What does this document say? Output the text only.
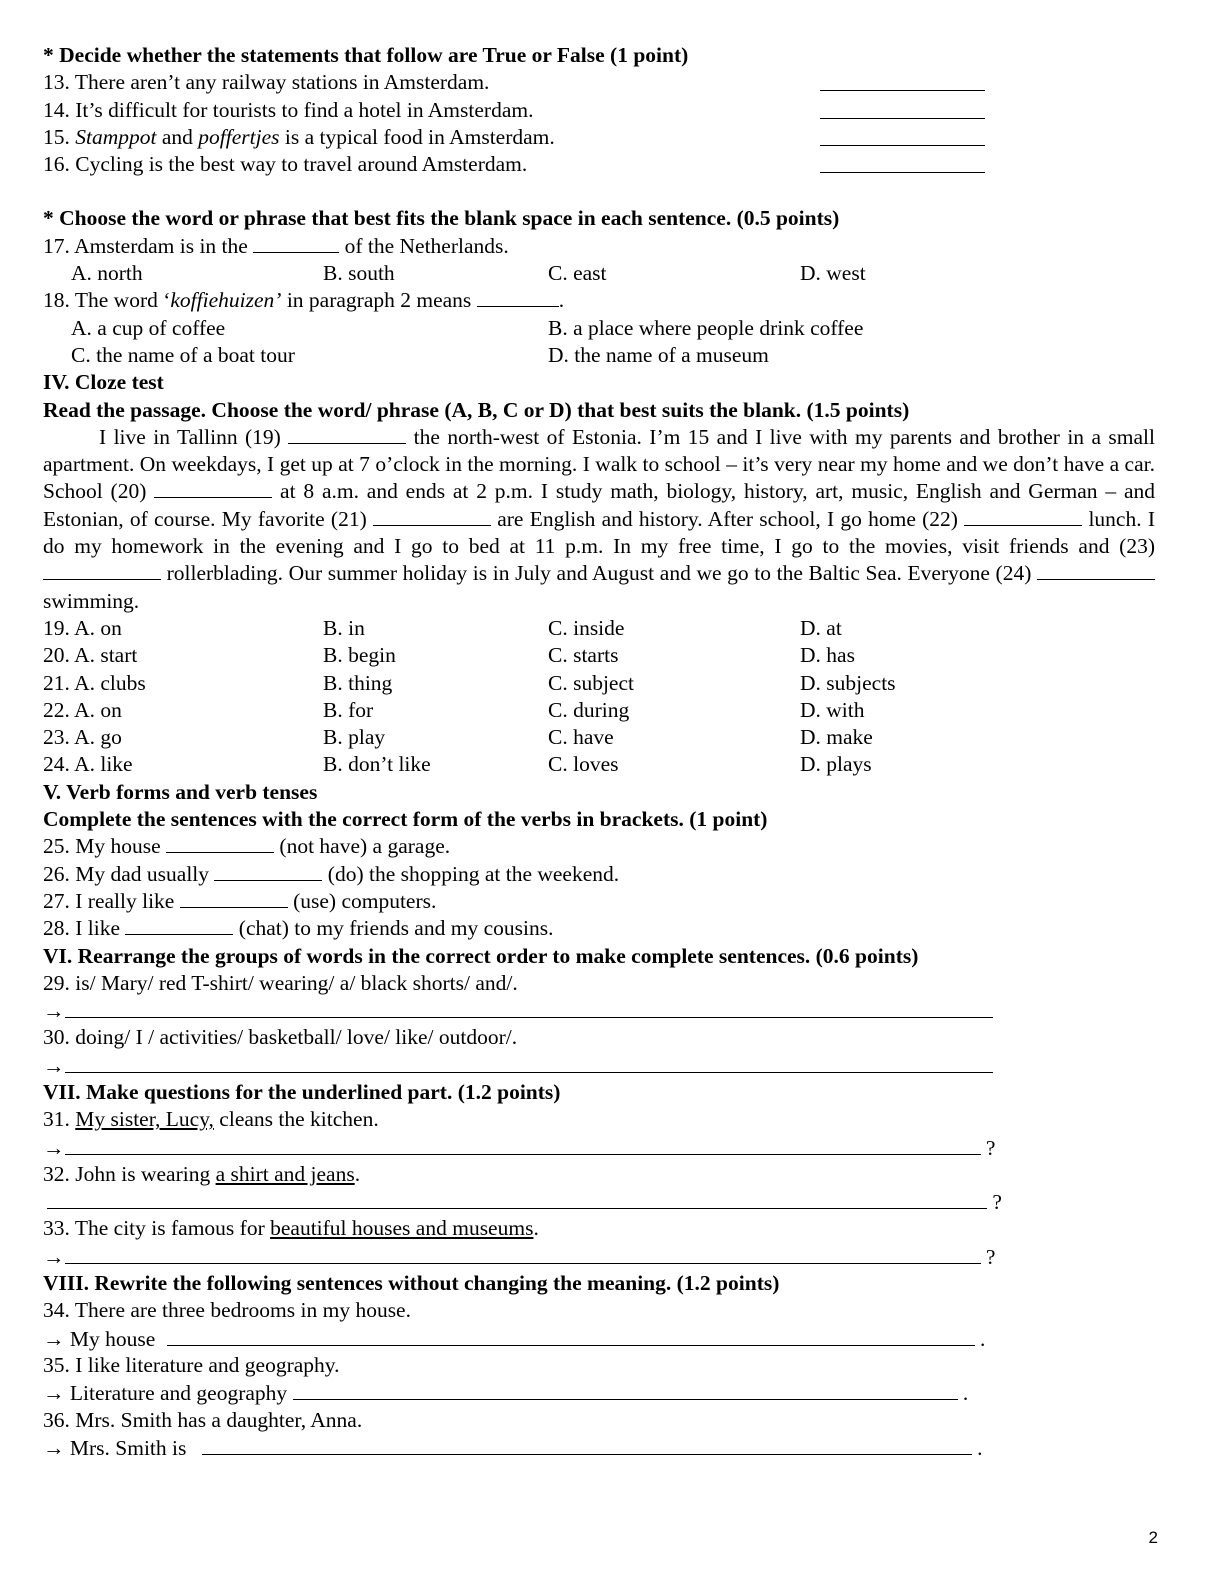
* Decide whether the statements that follow are True or False (1 point)
13. There aren’t any railway stations in Amsterdam.
14. It’s difficult for tourists to find a hotel in Amsterdam.
15. Stamppot and poffertjes is a typical food in Amsterdam.
16. Cycling is the best way to travel around Amsterdam.
* Choose the word or phrase that best fits the blank space in each sentence. (0.5 points)
17. Amsterdam is in the	of the Netherlands.
A. north	B. south	C. east	D. west
18. The word ‘koffiehuizen’ in paragraph 2 means	.
A. a cup of coffee	B. a place where people drink coffee
C. the name of a boat tour	D. the name of a museum
IV. Cloze test
Read the passage. Choose the word/ phrase (A, B, C or D) that best suits the blank. (1.5 points)
I live in Tallinn (19)	the north-west of Estonia. I’m 15 and I live with my parents and brother in a small apartment. On weekdays, I get up at 7 o’clock in the morning. I walk to school – it’s very near my home and we don’t have a car. School (20)	at 8 a.m. and ends at 2 p.m. I study math, biology, history, art, music, English and German – and Estonian, of course. My favorite (21)	are English and history. After school, I go home (22)	lunch. I do my homework in the evening and I go to bed at 11 p.m. In my free time, I go to the movies, visit friends and (23)  rollerblading. Our summer holiday is in July and August and we go to the Baltic Sea. Everyone (24)  swimming.
19. A. on	B. in	C. inside	D. at
20. A. start	B. begin	C. starts	D. has
21. A. clubs	B. thing	C. subject	D. subjects
22. A. on	B. for	C. during	D. with
23. A. go	B. play	C. have	D. make
24. A. like	B. don’t like	C. loves	D. plays
V. Verb forms and verb tenses
Complete the sentences with the correct form of the verbs in brackets. (1 point)
25. My house	(not have) a garage.
26. My dad usually	(do) the shopping at the weekend.
27. I really like	(use) computers.
28. I like	(chat) to my friends and my cousins.
VI. Rearrange the groups of words in the correct order to make complete sentences. (0.6 points)
29. is/ Mary/ red T-shirt/ wearing/ a/ black shorts/ and/.
→
30. doing/ I / activities/ basketball/ love/ like/ outdoor/.
→
VII. Make questions for the underlined part. (1.2 points)
31. My sister, Lucy, cleans the kitchen.
→	?
32. John is wearing a shirt and jeans.
?
33. The city is famous for beautiful houses and museums.
→	?
VIII. Rewrite the following sentences without changing the meaning. (1.2 points)
34. There are three bedrooms in my house.
→ My house	.
35. I like literature and geography.
→ Literature and geography	.
36. Mrs. Smith has a daughter, Anna.
→ Mrs. Smith is	.
2
